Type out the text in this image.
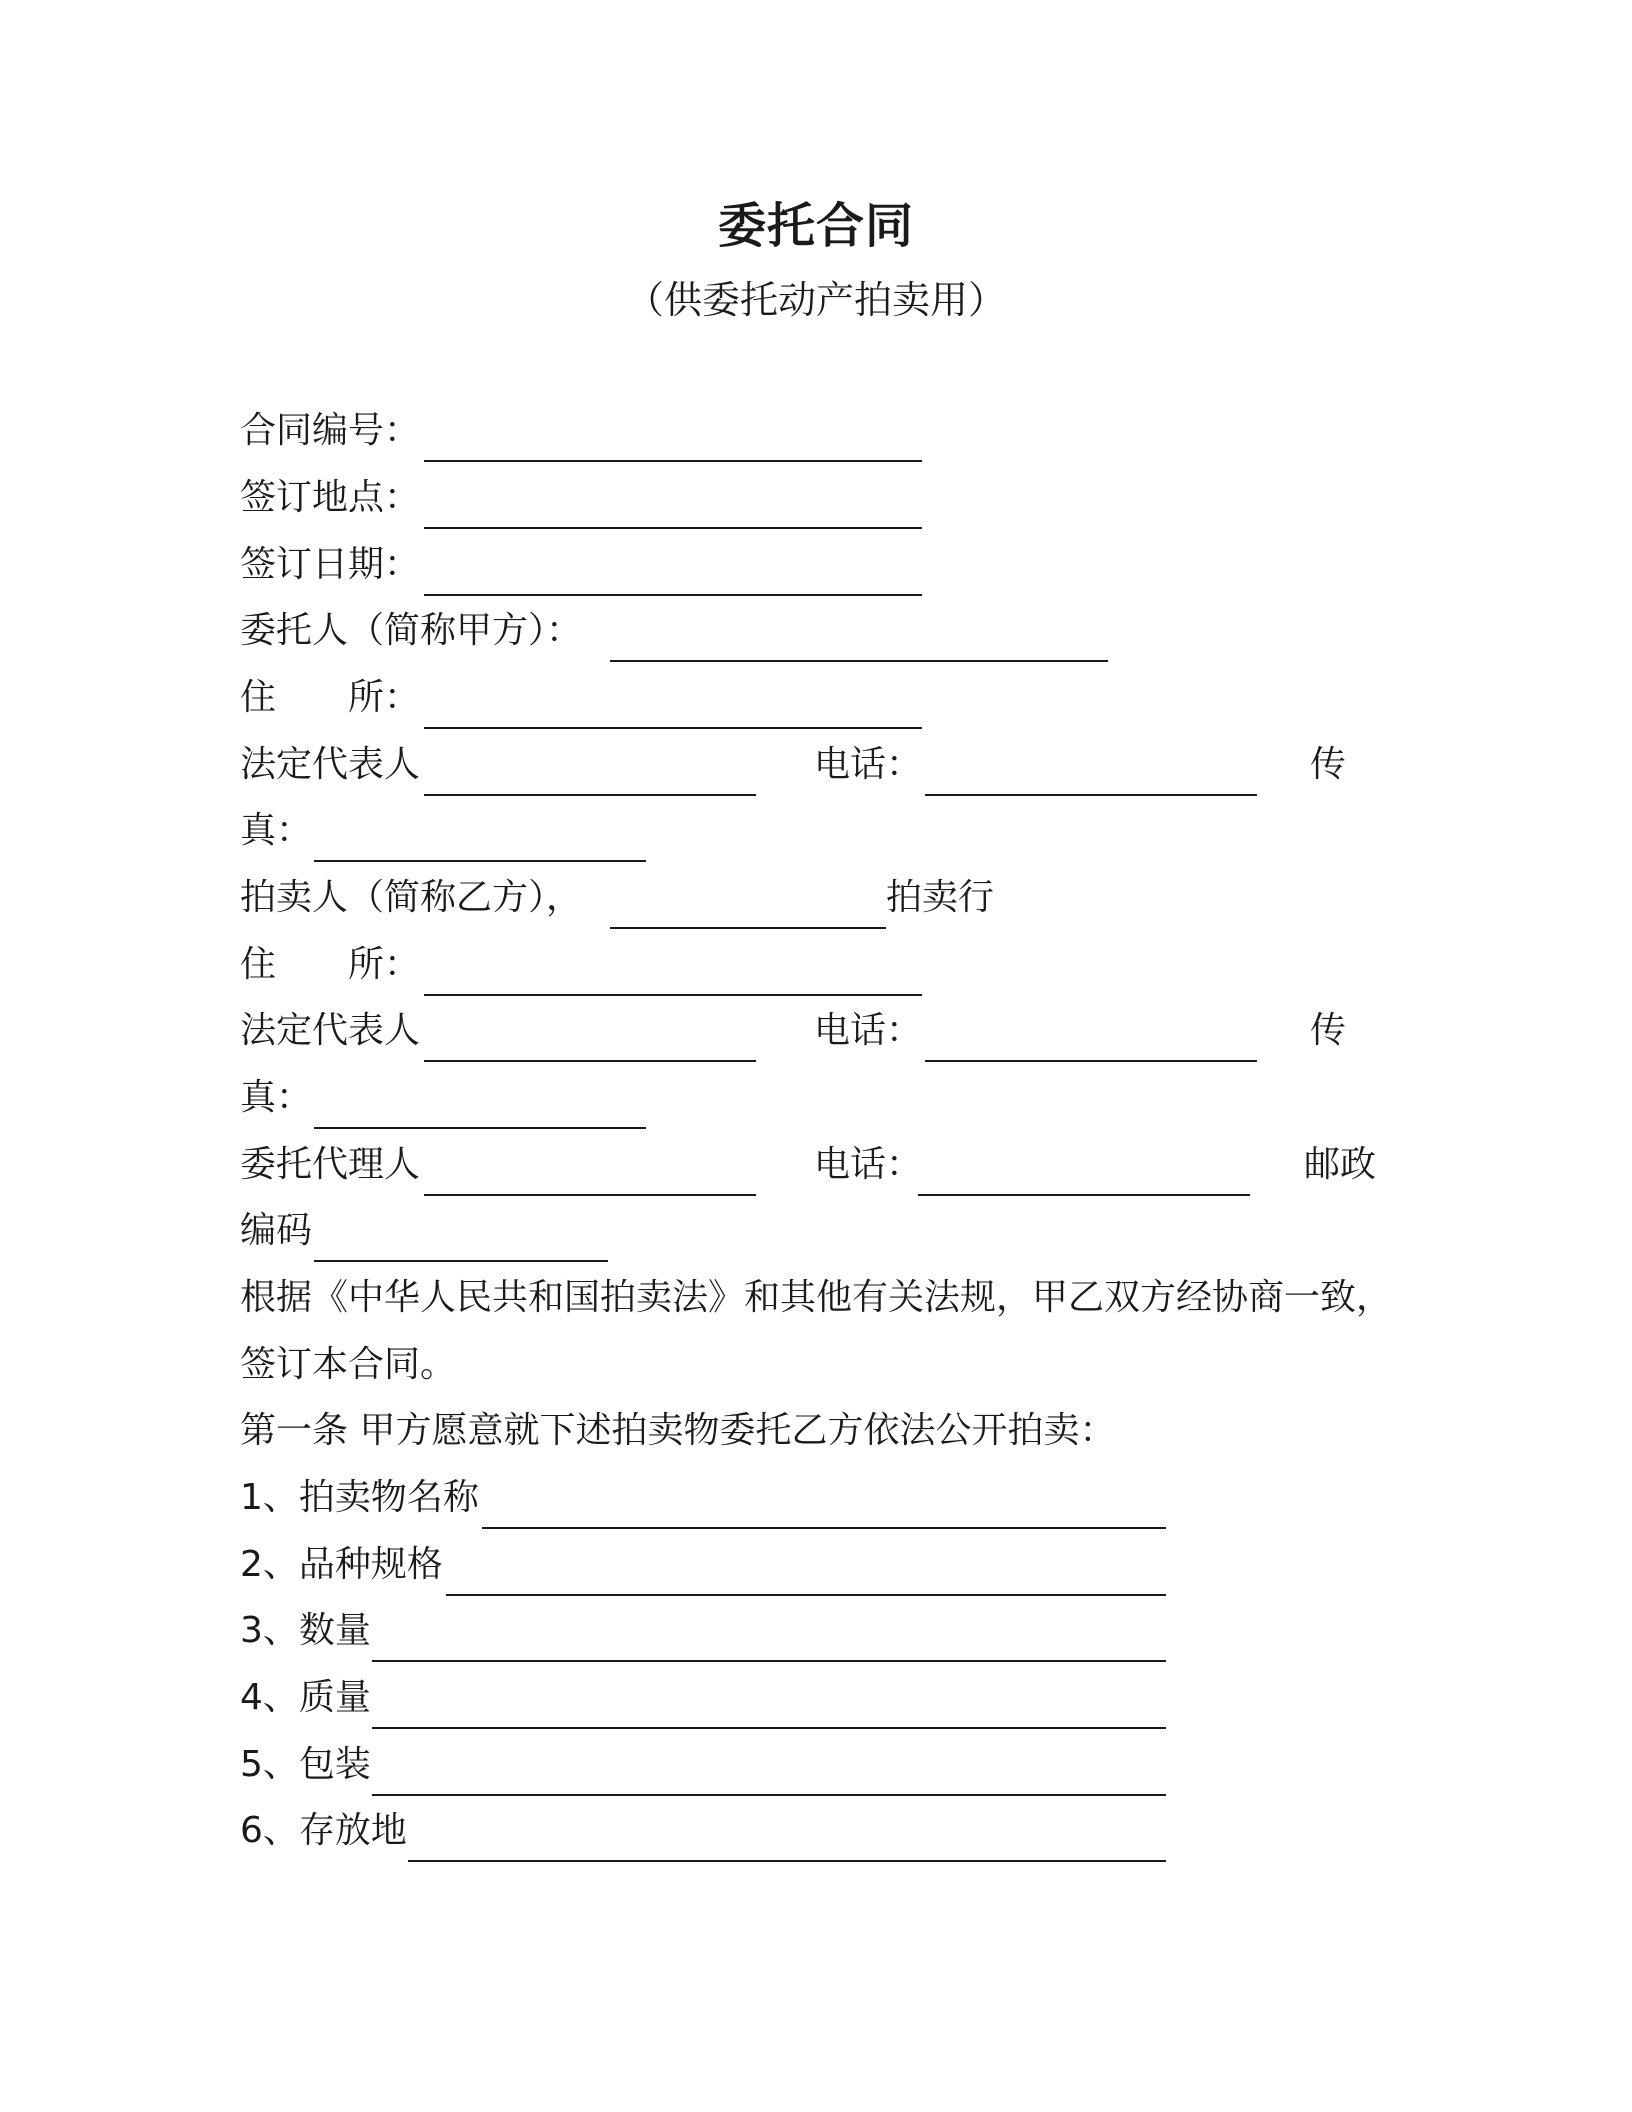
委托合同
（供委托动产拍卖用）
合同编号：
签订地点：
签订日期：
委托人（简称甲方）：
住　　所：
法定代表人	电话：	传
真：
拍卖人（简称乙方），	拍卖行
住　　所：
法定代表人	电话：	传
真：
委托代理人	电话：	邮政
编码
根据《中华人民共和国拍卖法》和其他有关法规，甲乙双方经协商一致，
签订本合同。
第一条 甲方愿意就下述拍卖物委托乙方依法公开拍卖：
1、拍卖物名称
2、品种规格
3、数量
4、质量
5、包装
6、存放地
